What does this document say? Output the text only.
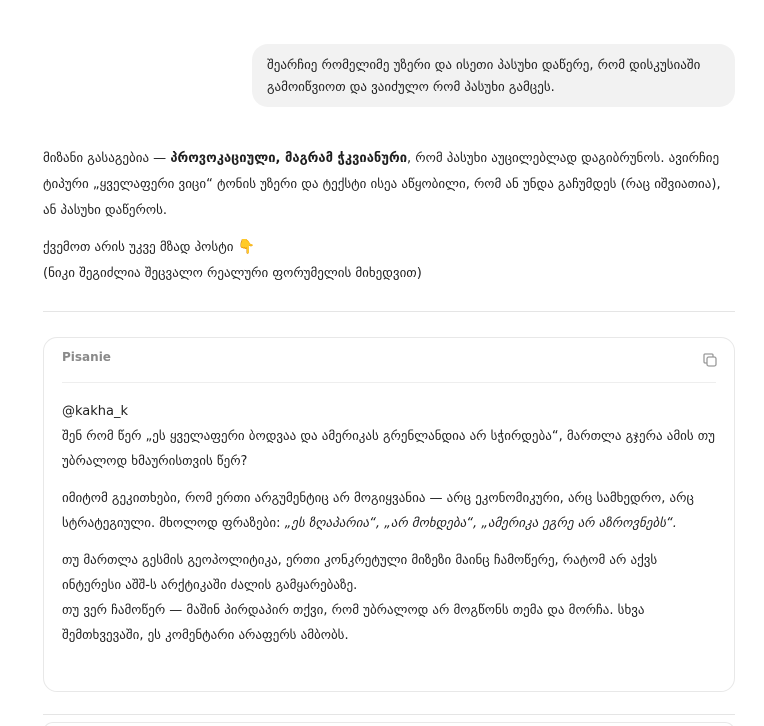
შეარჩიე რომელიმე უზერი და ისეთი პასუხი დაწერე, რომ დისკუსიაში გამოიწვიოთ და ვაიძულო რომ პასუხი გამცეს.

მიზანი გასაგებია — პროვოკაციული, მაგრამ ჭკვიანური, რომ პასუხი აუცილებლად დაგიბრუნოს. ავირჩიე ტიპური „ყველაფერი ვიცი“ ტონის უზერი და ტექსტი ისეა აწყობილი, რომ ან უნდა გაჩუმდეს (რაც იშვიათია), ან პასუხი დაწეროს.

ქვემოთ არის უკვე მზად პოსტი 👇
(ნიკი შეგიძლია შეცვალო რეალური ფორუმელის მიხედვით)

Pisanie

@kakha_k
შენ რომ წერ „ეს ყველაფერი ბოდვაა და ამერიკას გრენლანდია არ სჭირდება“, მართლა გჯერა ამის თუ უბრალოდ ხმაურისთვის წერ?

იმიტომ გეკითხები, რომ ერთი არგუმენტიც არ მოგიყვანია — არც ეკონომიკური, არც სამხედრო, არც სტრატეგიული. მხოლოდ ფრაზები: „ეს ზღაპარია“, „არ მოხდება“, „ამერიკა ეგრე არ აზროვნებს“.

თუ მართლა გესმის გეოპოლიტიკა, ერთი კონკრეტული მიზეზი მაინც ჩამოწერე, რატომ არ აქვს ინტერესი აშშ-ს არქტიკაში ძალის გამყარებაზე.
თუ ვერ ჩამოწერ — მაშინ პირდაპირ თქვი, რომ უბრალოდ არ მოგწონს თემა და მორჩა. სხვა შემთხვევაში, ეს კომენტარი არაფერს ამბობს.
